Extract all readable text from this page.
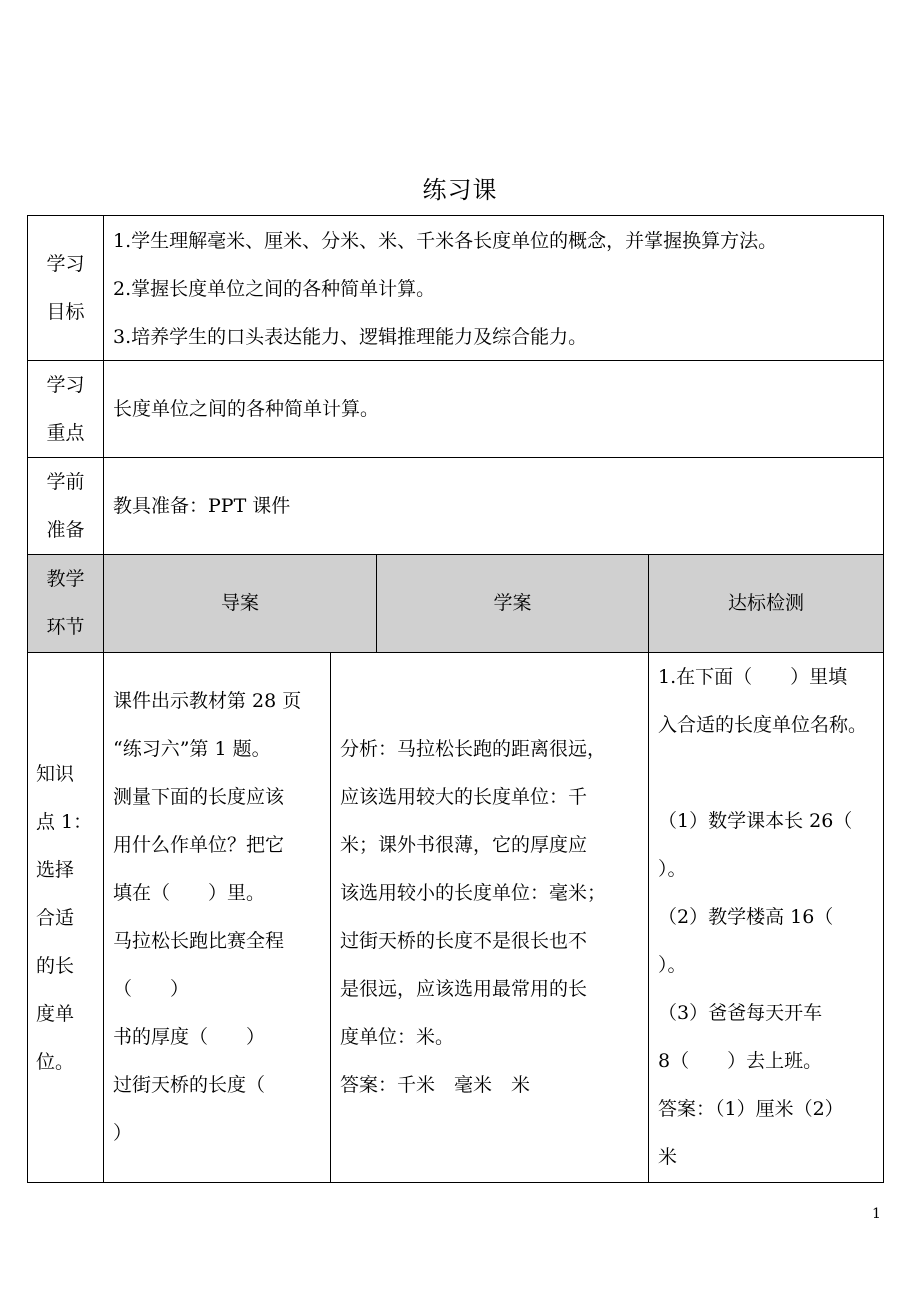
练习课
学习
目标
1.学生理解毫米、厘米、分米、米、千米各长度单位的概念，并掌握换算方法。
2.掌握长度单位之间的各种简单计算。
3.培养学生的口头表达能力、逻辑推理能力及综合能力。
学习
重点
长度单位之间的各种简单计算。
学前
准备
教具准备：PPT 课件
教学
环节
导案	学案	达标检测
知识
点 1：
选择
合适
的长
度单
位。
课件出示教材第 28 页
“练习六”第 1 题。
测量下面的长度应该
用什么作单位？把它
填在（　　）里。
马拉松长跑比赛全程
（　　）
书的厚度（　　）
过街天桥的长度（
）
分析：马拉松长跑的距离很远，
应该选用较大的长度单位：千
米；课外书很薄，它的厚度应
该选用较小的长度单位：毫米；
过街天桥的长度不是很长也不
是很远，应该选用最常用的长
度单位：米。
答案：千米　毫米　米
1.在下面（　　）里填
入合适的长度单位名称。
（1）数学课本长 26（
）。
（2）教学楼高 16（
）。
（3）爸爸每天开车
8（　　）去上班。
答案：（1）厘米（2）
米
1
